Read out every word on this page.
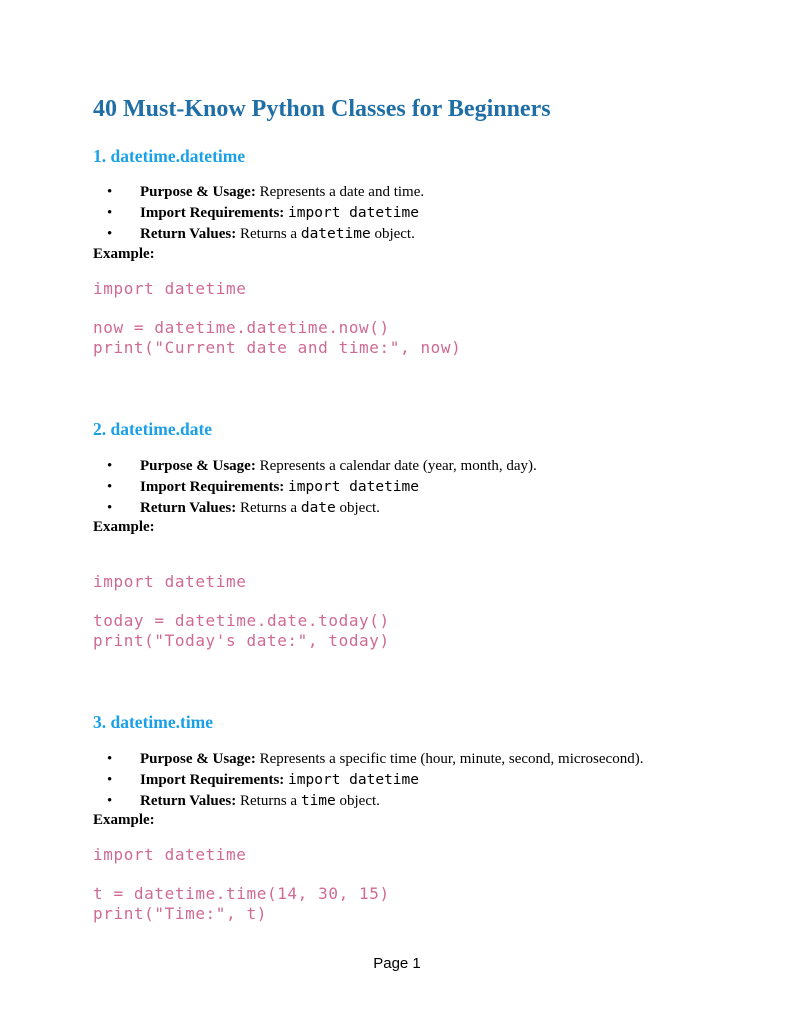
40 Must-Know Python Classes for Beginners
1. datetime.datetime
• Purpose & Usage: Represents a date and time.
• Import Requirements: import datetime
• Return Values: Returns a datetime object.

Example:

import datetime
now = datetime.datetime.now()
print("Current date and time:", now)
2. datetime.date
• Purpose & Usage: Represents a calendar date (year, month, day).
• Import Requirements: import datetime
• Return Values: Returns a date object.

Example:

import datetime
today = datetime.date.today()
print("Today's date:", today)
3. datetime.time
• Purpose & Usage: Represents a specific time (hour, minute, second, microsecond).
• Import Requirements: import datetime
• Return Values: Returns a time object.

Example:

import datetime
t = datetime.time(14, 30, 15)
print("Time:", t)
Page 1
